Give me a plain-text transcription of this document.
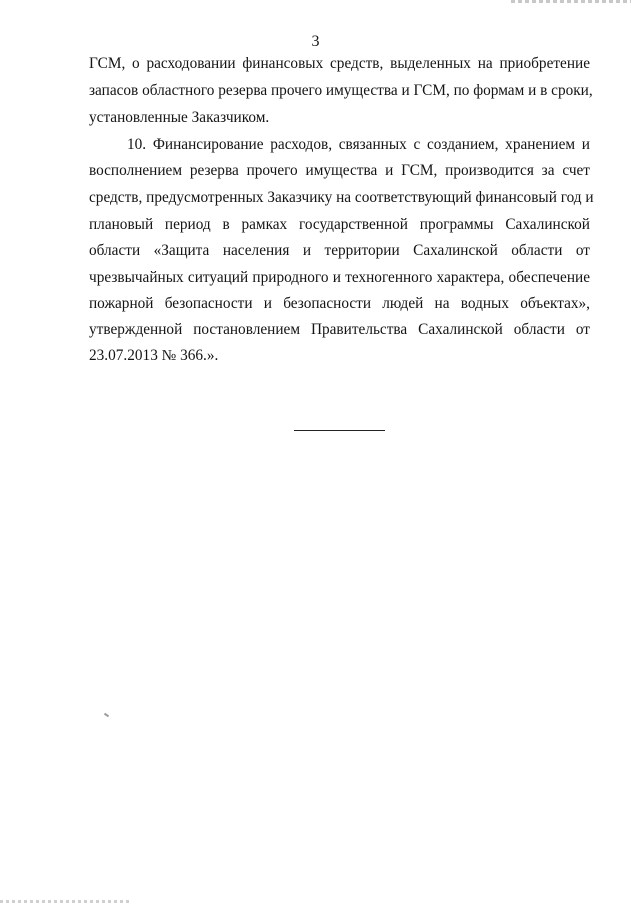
3
ГСМ, о расходовании финансовых средств, выделенных на приобретение
запасов областного резерва прочего имущества и ГСМ, по формам и в сроки,
установленные Заказчиком.
10. Финансирование расходов, связанных с созданием, хранением и
восполнением резерва прочего имущества и ГСМ, производится за счет
средств, предусмотренных Заказчику на соответствующий финансовый год и
плановый период в рамках государственной программы Сахалинской
области «Защита населения и территории Сахалинской области от
чрезвычайных ситуаций природного и техногенного характера, обеспечение
пожарной безопасности и безопасности людей на водных объектах»,
утвержденной постановлением Правительства Сахалинской области от
23.07.2013 № 366.».
